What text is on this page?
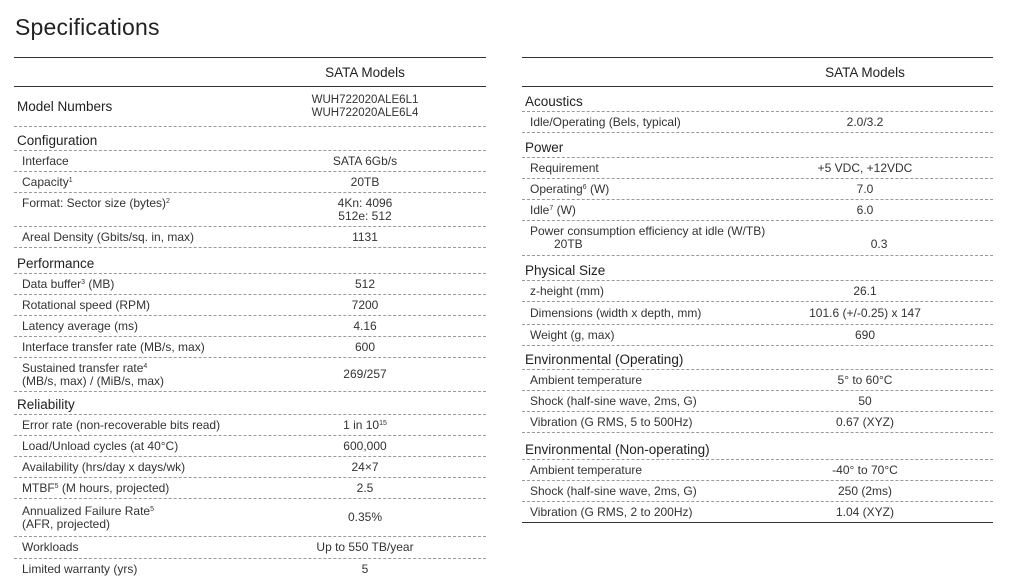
Specifications
SATA Models
Model Numbers	WUH722020ALE6L1
WUH722020ALE6L4
Configuration
Interface	SATA 6Gb/s
Capacity$^1$	20TB
Format: Sector size (bytes)$^2$	4Kn: 4096
512e: 512
Areal Density (Gbits/sq. in, max)	1131
Performance
Data buffer$^3$ (MB)	512
Rotational speed (RPM)	7200
Latency average (ms)	4.16
Interface transfer rate (MB/s, max)	600
Sustained transfer rate$^4$
(MB/s, max) / (MiB/s, max)	269/257
Reliability
Error rate (non-recoverable bits read)	1 in $10^{15}$
Load/Unload cycles (at 40°C)	600,000
Availability (hrs/day x days/wk)	24×7
MTBF$^5$ (M hours, projected)	2.5
Annualized Failure Rate$^5$
(AFR, projected)	0.35%
Workloads	Up to 550 TB/year
Limited warranty (yrs)	5
SATA Models
Acoustics
Idle/Operating (Bels, typical)	2.0/3.2
Power
Requirement	+5 VDC, +12VDC
Operating$^6$ (W)	7.0
Idle$^7$ (W)	6.0
Power consumption efficiency at idle (W/TB)
20TB	0.3
Physical Size
z-height (mm)	26.1
Dimensions (width x depth, mm)	101.6 (+/-0.25) x 147
Weight (g, max)	690
Environmental (Operating)
Ambient temperature	5° to 60°C
Shock (half-sine wave, 2ms, G)	50
Vibration (G RMS, 5 to 500Hz)	0.67 (XYZ)
Environmental (Non-operating)
Ambient temperature	-40° to 70°C
Shock (half-sine wave, 2ms, G)	250 (2ms)
Vibration (G RMS, 2 to 200Hz)	1.04 (XYZ)
